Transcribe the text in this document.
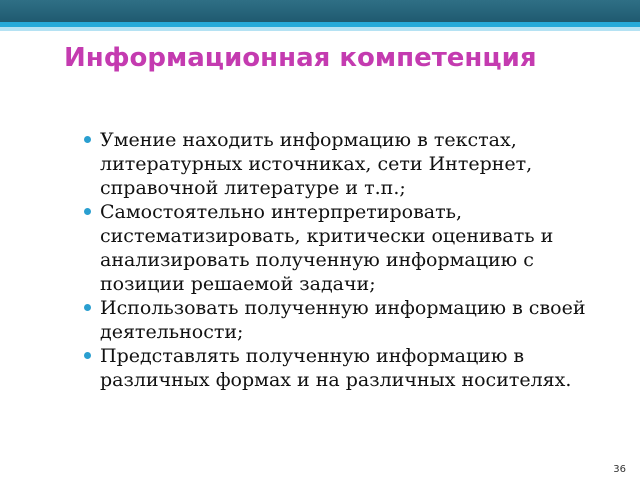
Информационная компетенция
Умение находить информацию в текстах, литературных источниках, сети Интернет, справочной литературе и т.п.;
Самостоятельно интерпретировать, систематизировать, критически оценивать и анализировать полученную информацию с позиции решаемой задачи;
Использовать полученную информацию в своей деятельности;
Представлять полученную информацию в различных формах и на различных носителях.
36
